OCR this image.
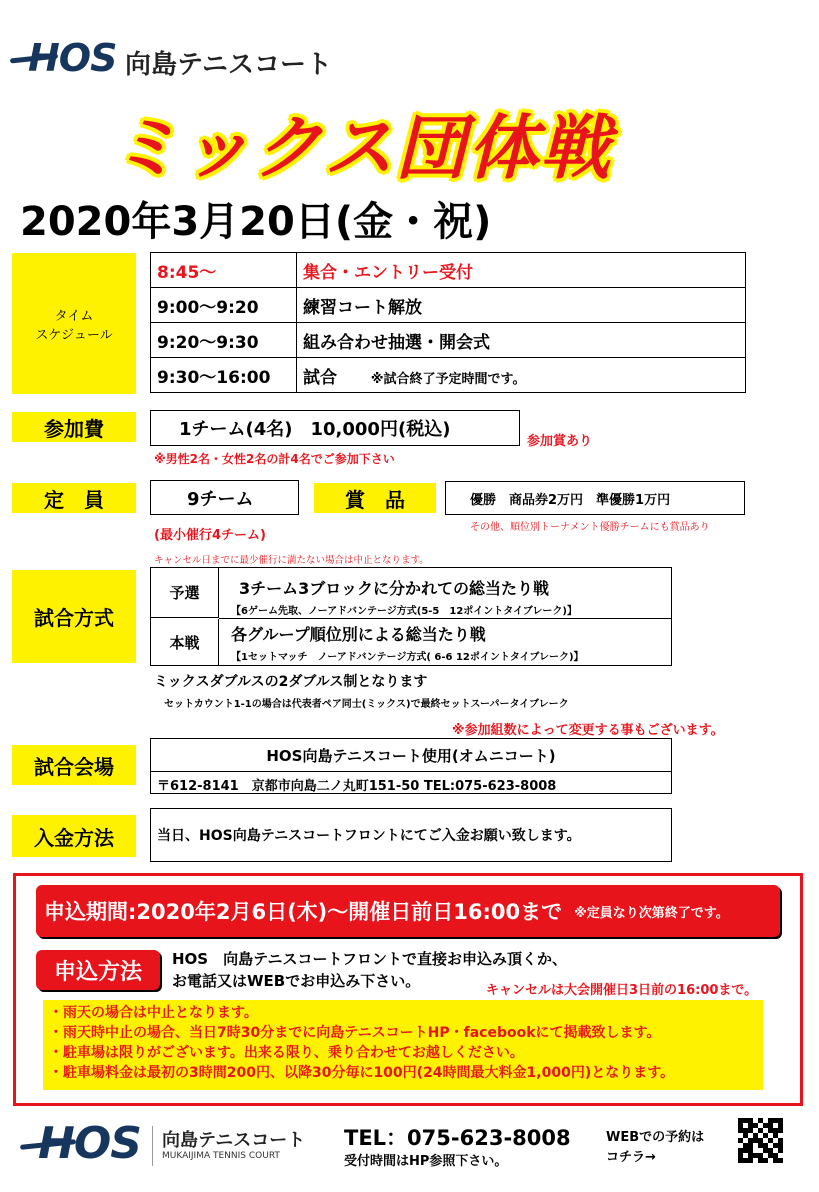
HOS 向島テニスコート
ミックス団体戦
2020年3月20日(金・祝)
タイム
スケジュール
8:45～	集合・エントリー受付
9:00～9:20	練習コート解放
9:20～9:30	組み合わせ抽選・開会式
9:30～16:00	試合 ※試合終了予定時間です。
参加費	1チーム(4名)　10,000円(税込)
参加賞あり
※男性2名・女性2名の計4名でご参加下さい
定　員	9チーム	賞　品	優勝　商品券2万円　準優勝1万円
その他、順位別トーナメント優勝チームにも賞品あり
(最小催行4チーム)
キャンセル日までに最少催行に満たない場合は中止となります。
試合方式
予選	3チーム3ブロックに分かれての総当たり戦
【6ゲーム先取、ノーアドバンテージ方式(5-5　12ポイントタイブレーク)】
本戦	各グループ順位別による総当たり戦
【1セットマッチ　ノーアドバンテージ方式( 6-6 12ポイントタイブレーク)】
ミックスダブルスの2ダブルス制となります
セットカウント1-1の場合は代表者ペア同士(ミックス)で最終セットスーパータイブレーク
※参加組数によって変更する事もございます。
試合会場	HOS向島テニスコート使用(オムニコート)
〒612-8141　京都市向島二ノ丸町151-50 TEL:075-623-8008
入金方法	当日、HOS向島テニスコートフロントにてご入金お願い致します。
申込期間:2020年2月6日(木)～開催日前日16:00まで ※定員なり次第終了です。
申込方法
HOS　向島テニスコートフロントで直接お申込み頂くか、
お電話又はWEBでお申込み下さい。
キャンセルは大会開催日3日前の16:00まで。
・雨天の場合は中止となります。
・雨天時中止の場合、当日7時30分までに向島テニスコートHP・facebookにて掲載致します。
・駐車場は限りがございます。出来る限り、乗り合わせてお越しください。
・駐車場料金は最初の3時間200円、以降30分毎に100円(24時間最大料金1,000円)となります。
HOS 向島テニスコート
MUKAIJIMA TENNIS COURT
TEL：075-623-8008
受付時間はHP参照下さい。
WEBでの予約は
コチラ→
